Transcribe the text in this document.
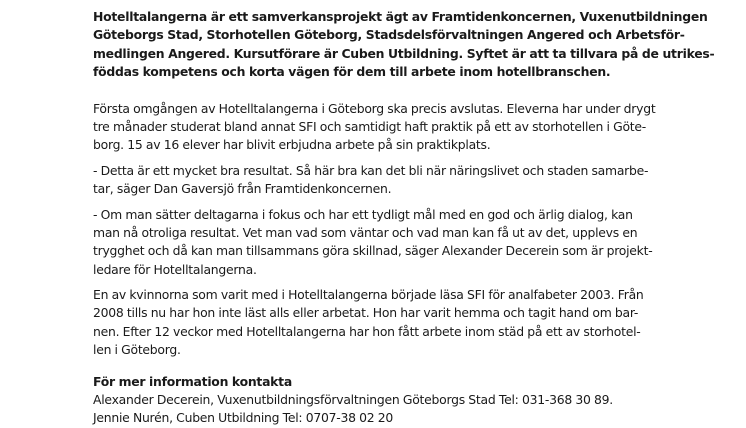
Hotelltalangerna är ett samverkansprojekt ägt av Framtidenkoncernen, Vuxenutbildningen
Göteborgs Stad, Storhotellen Göteborg, Stadsdelsförvaltningen Angered och Arbetsför-
medlingen Angered. Kursutförare är Cuben Utbildning. Syftet är att ta tillvara på de utrikes-
föddas kompetens och korta vägen för dem till arbete inom hotellbranschen.

Första omgången av Hotelltalangerna i Göteborg ska precis avslutas. Eleverna har under drygt
tre månader studerat bland annat SFI och samtidigt haft praktik på ett av storhotellen i Göte-
borg. 15 av 16 elever har blivit erbjudna arbete på sin praktikplats.

- Detta är ett mycket bra resultat. Så här bra kan det bli när näringslivet och staden samarbe-
tar, säger Dan Gaversjö från Framtidenkoncernen.

- Om man sätter deltagarna i fokus och har ett tydligt mål med en god och ärlig dialog, kan
man nå otroliga resultat. Vet man vad som väntar och vad man kan få ut av det, upplevs en
trygghet och då kan man tillsammans göra skillnad, säger Alexander Decerein som är projekt-
ledare för Hotelltalangerna.

En av kvinnorna som varit med i Hotelltalangerna började läsa SFI för analfabeter 2003. Från
2008 tills nu har hon inte läst alls eller arbetat. Hon har varit hemma och tagit hand om bar-
nen. Efter 12 veckor med Hotelltalangerna har hon fått arbete inom städ på ett av storhotel-
len i Göteborg.

För mer information kontakta
Alexander Decerein, Vuxenutbildningsförvaltningen Göteborgs Stad Tel: 031-368 30 89.
Jennie Nurén, Cuben Utbildning Tel: 0707-38 02 20
